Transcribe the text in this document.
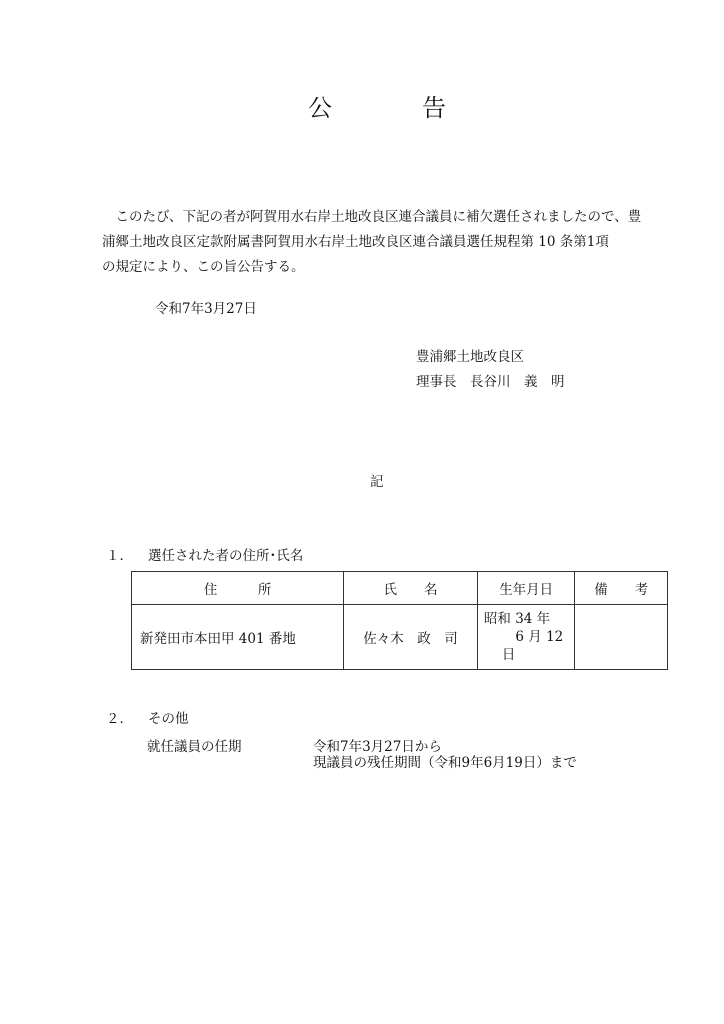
公	告
　このたび、下記の者が阿賀用水右岸土地改良区連合議員に補欠選任されましたので、豊
浦郷土地改良区定款附属書阿賀用水右岸土地改良区連合議員選任規程第 10 条第1項
の規定により、この旨公告する。
令和7年3月27日
豊浦郷土地改良区
理事長　長谷川　義　明
記
１． 選任された者の住所･氏名
住　　　所	氏　　名	生年月日	備　　考
新発田市本田甲 401 番地	佐々木　政　司	昭和 34 年
　6 月 12 日	

２． その他
就任議員の任期	令和7年3月27日から
現議員の残任期間（令和9年6月19日）まで
